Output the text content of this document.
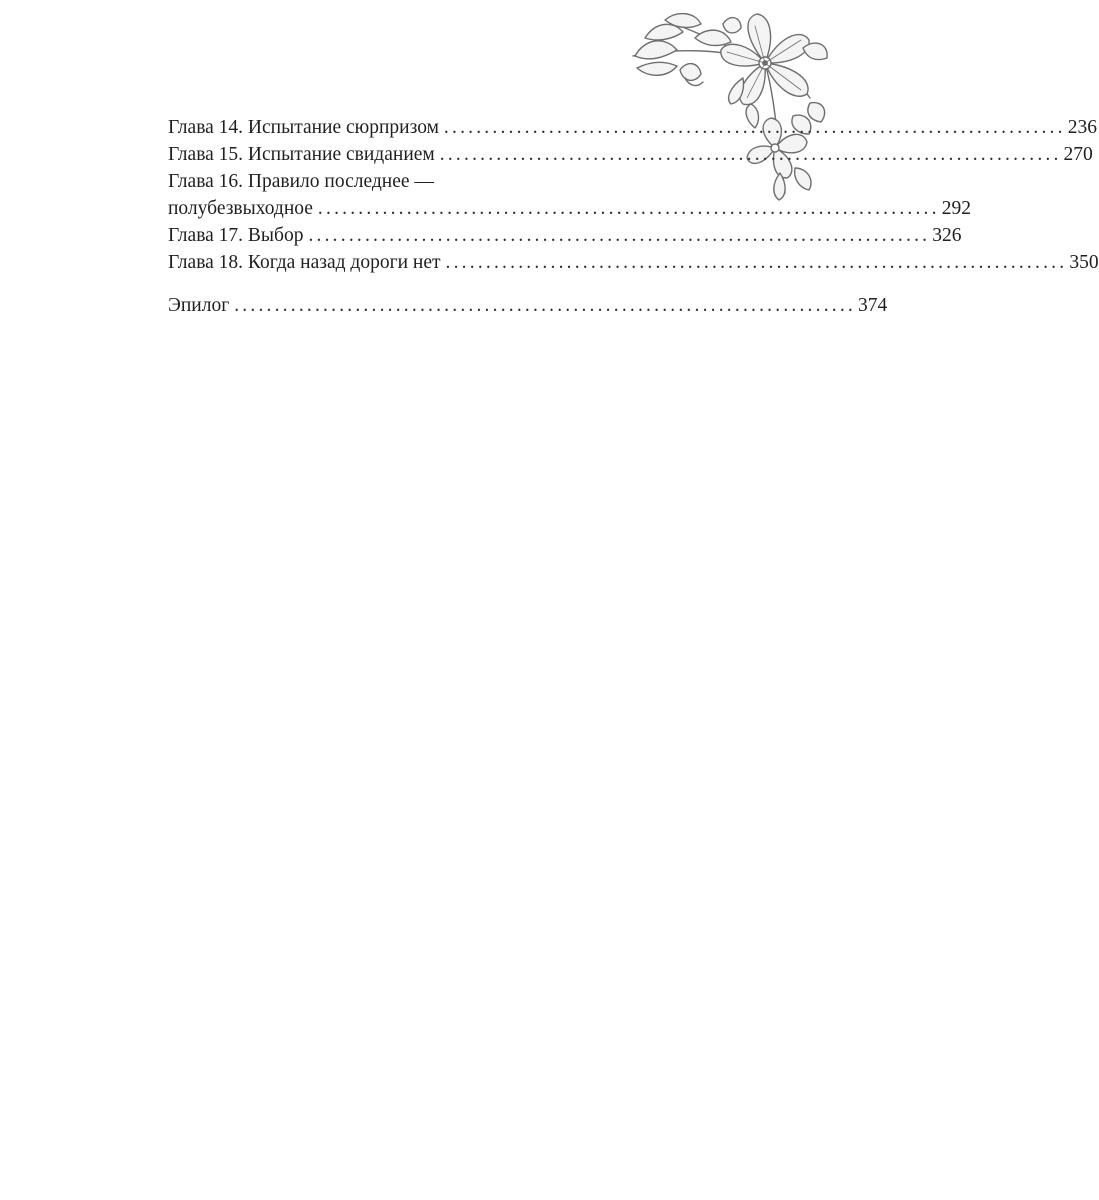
Глава 14. Испытание сюрпризом ............................................................................. 236
Глава 15. Испытание свиданием ............................................................................. 270
Глава 16. Правило последнее —
полубезвыходное ............................................................................. 292
Глава 17. Выбор ............................................................................. 326
Глава 18. Когда назад дороги нет ............................................................................. 350
Эпилог ............................................................................. 374
